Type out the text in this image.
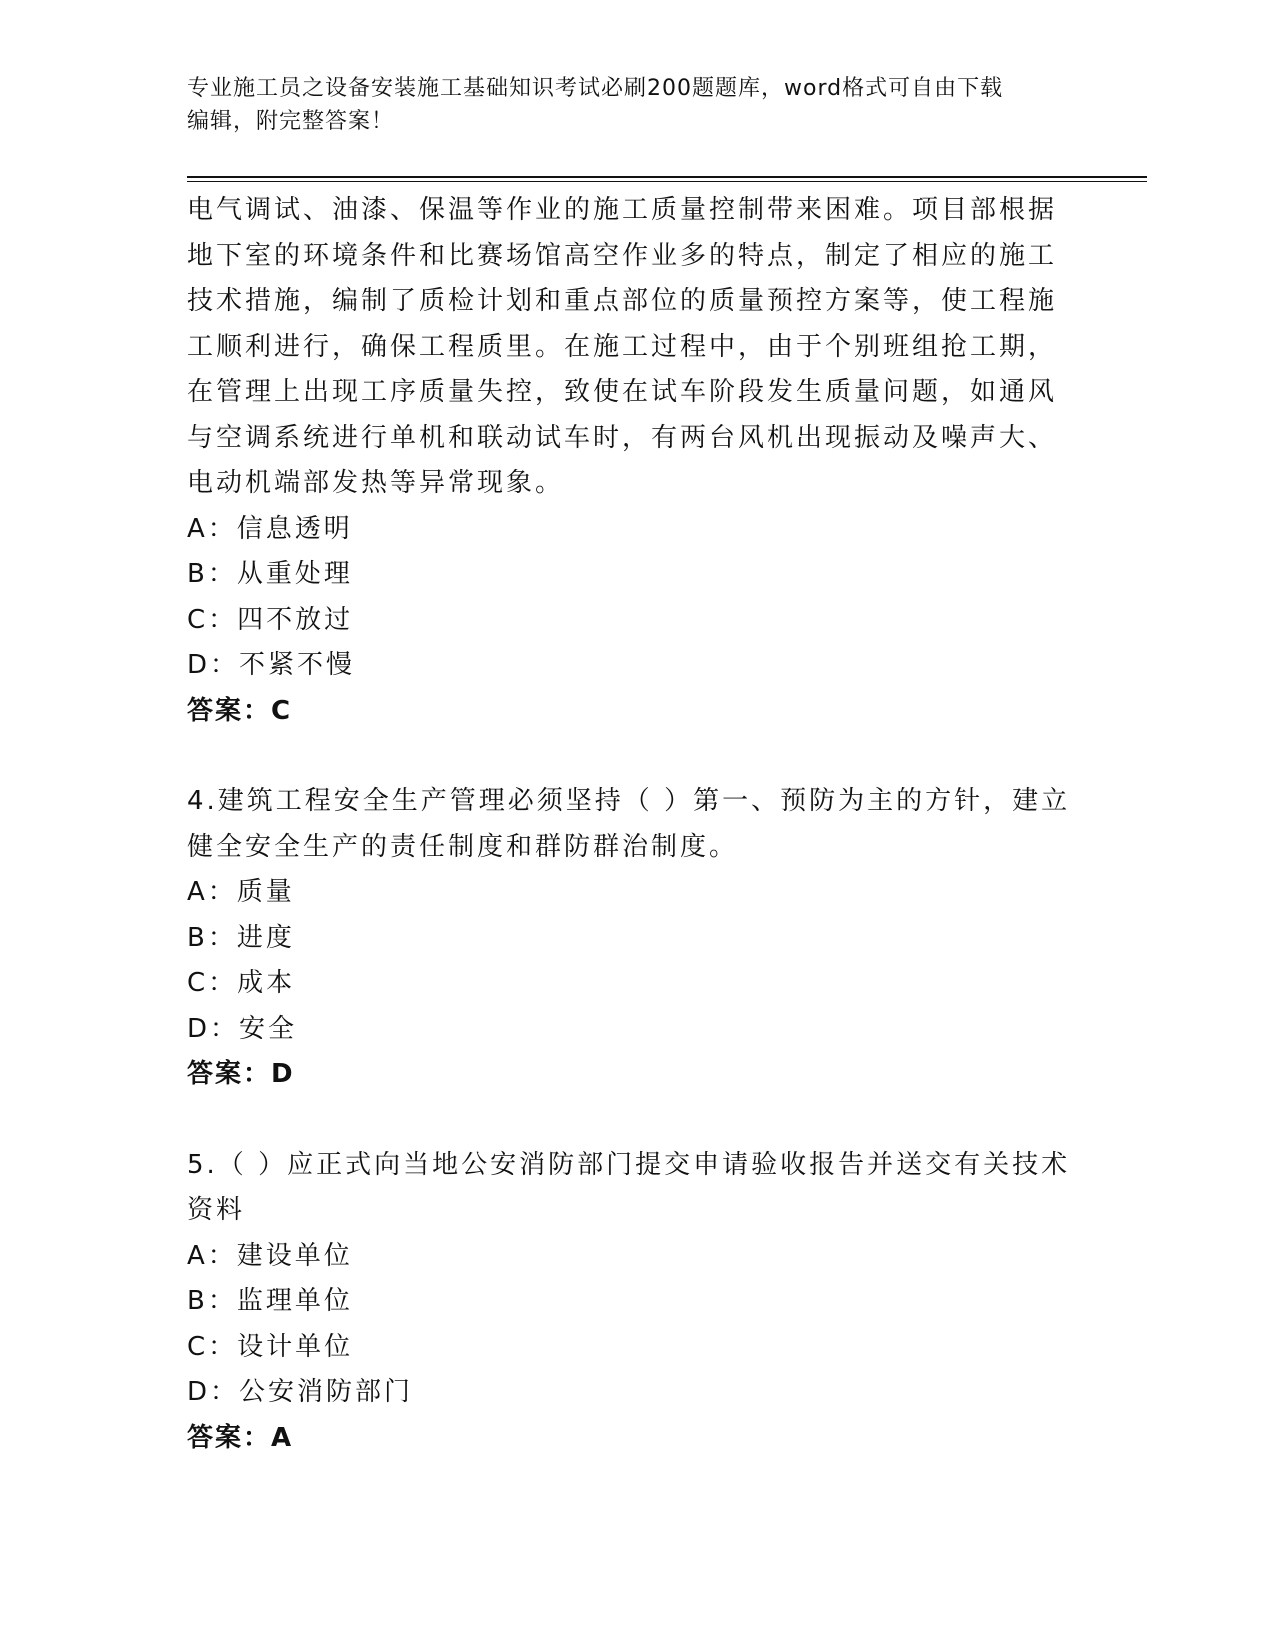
专业施工员之设备安装施工基础知识考试必刷200题题库，word格式可自由下载
编辑，附完整答案！

电气调试、油漆、保温等作业的施工质量控制带来困难。项目部根据

地下室的环境条件和比赛场馆高空作业多的特点，制定了相应的施工

技术措施，编制了质检计划和重点部位的质量预控方案等，使工程施

工顺利进行，确保工程质里。在施工过程中，由于个别班组抢工期，

在管理上出现工序质量失控，致使在试车阶段发生质量问题，如通风

与空调系统进行单机和联动试车时，有两台风机出现振动及噪声大、

电动机端部发热等异常现象。

A：信息透明

B：从重处理

C：四不放过

D：不紧不慢

答案：C

4.建筑工程安全生产管理必须坚持（ ）第一、预防为主的方针，建立

健全安全生产的责任制度和群防群治制度。

A：质量

B：进度

C：成本

D：安全

答案：D

5.（ ）应正式向当地公安消防部门提交申请验收报告并送交有关技术

资料

A：建设单位

B：监理单位

C：设计单位

D：公安消防部门

答案：A
